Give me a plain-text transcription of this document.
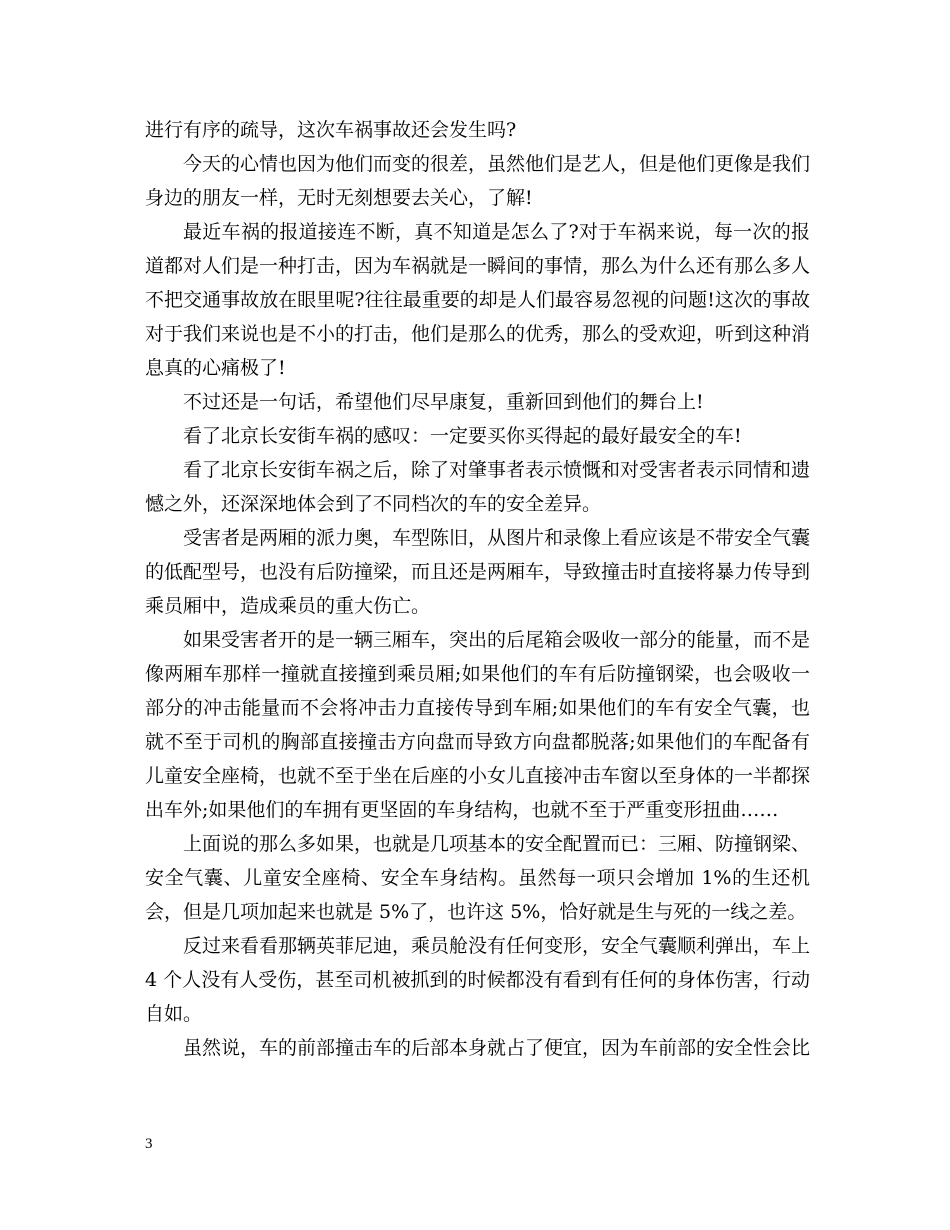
进行有序的疏导，这次车祸事故还会发生吗?

今天的心情也因为他们而变的很差，虽然他们是艺人，但是他们更像是我们身边的朋友一样，无时无刻想要去关心，了解!

最近车祸的报道接连不断，真不知道是怎么了?对于车祸来说，每一次的报道都对人们是一种打击，因为车祸就是一瞬间的事情，那么为什么还有那么多人不把交通事故放在眼里呢?往往最重要的却是人们最容易忽视的问题!这次的事故对于我们来说也是不小的打击，他们是那么的优秀，那么的受欢迎，听到这种消息真的心痛极了!

不过还是一句话，希望他们尽早康复，重新回到他们的舞台上!

看了北京长安街车祸的感叹：一定要买你买得起的最好最安全的车!

看了北京长安街车祸之后，除了对肇事者表示愤慨和对受害者表示同情和遗憾之外，还深深地体会到了不同档次的车的安全差异。

受害者是两厢的派力奥，车型陈旧，从图片和录像上看应该是不带安全气囊的低配型号，也没有后防撞梁，而且还是两厢车，导致撞击时直接将暴力传导到乘员厢中，造成乘员的重大伤亡。

如果受害者开的是一辆三厢车，突出的后尾箱会吸收一部分的能量，而不是像两厢车那样一撞就直接撞到乘员厢;如果他们的车有后防撞钢梁，也会吸收一部分的冲击能量而不会将冲击力直接传导到车厢;如果他们的车有安全气囊，也就不至于司机的胸部直接撞击方向盘而导致方向盘都脱落;如果他们的车配备有儿童安全座椅，也就不至于坐在后座的小女儿直接冲击车窗以至身体的一半都探出车外;如果他们的车拥有更坚固的车身结构，也就不至于严重变形扭曲……

上面说的那么多如果，也就是几项基本的安全配置而已：三厢、防撞钢梁、安全气囊、儿童安全座椅、安全车身结构。虽然每一项只会增加 1%的生还机会，但是几项加起来也就是 5%了，也许这 5%，恰好就是生与死的一线之差。

反过来看看那辆英菲尼迪，乘员舱没有任何变形，安全气囊顺利弹出，车上 4 个人没有人受伤，甚至司机被抓到的时候都没有看到有任何的身体伤害，行动自如。

虽然说，车的前部撞击车的后部本身就占了便宜，因为车前部的安全性会比

3
